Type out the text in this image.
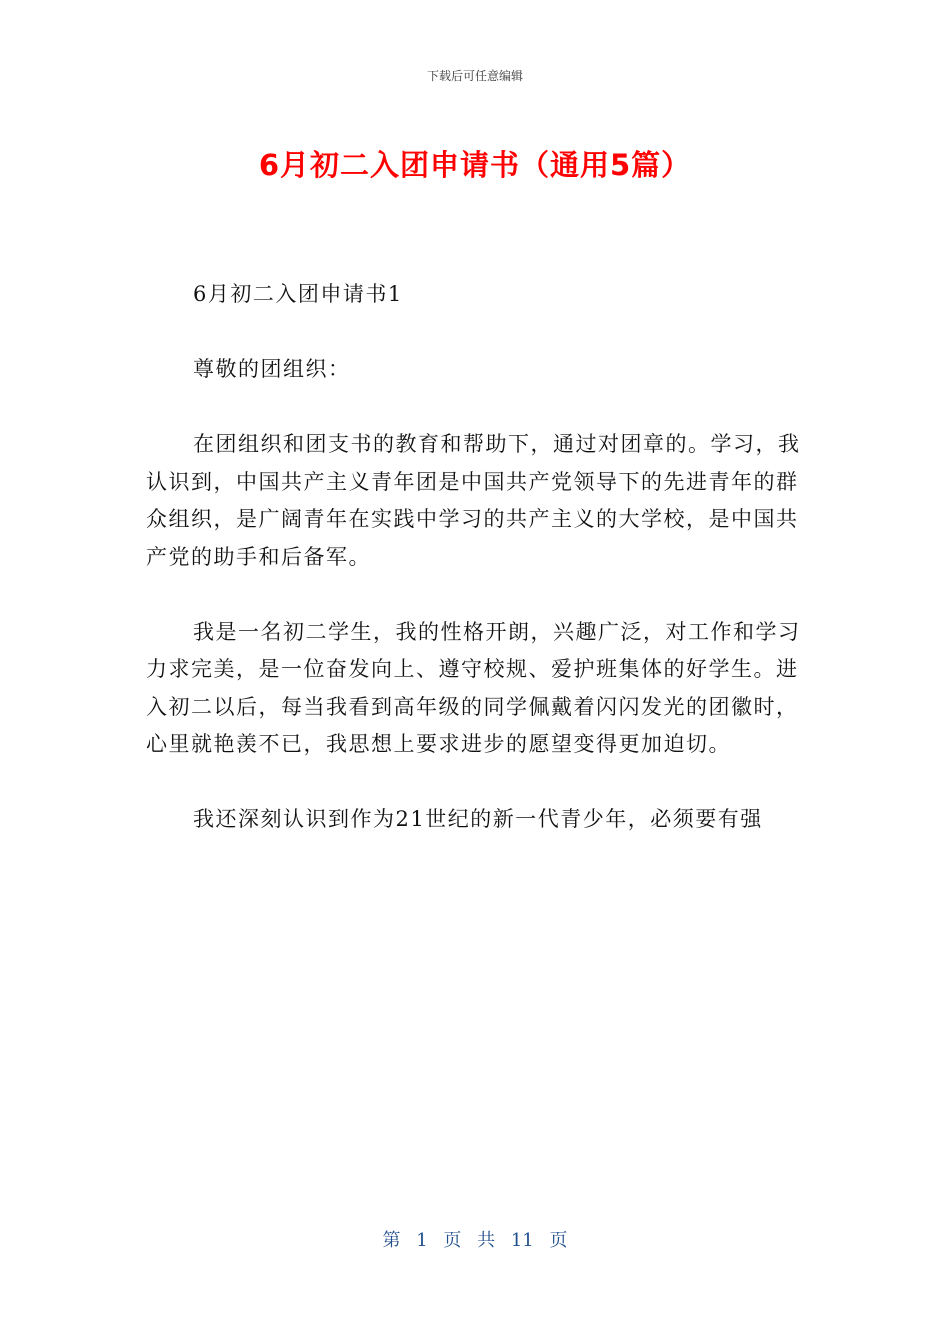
下载后可任意编辑
6月初二入团申请书（通用5篇）

6月初二入团申请书1

尊敬的团组织：

在团组织和团支书的教育和帮助下，通过对团章的。学习，我认识到，中国共产主义青年团是中国共产党领导下的先进青年的群众组织，是广阔青年在实践中学习的共产主义的大学校，是中国共产党的助手和后备军。

我是一名初二学生，我的性格开朗，兴趣广泛，对工作和学习力求完美，是一位奋发向上、遵守校规、爱护班集体的好学生。进入初二以后，每当我看到高年级的同学佩戴着闪闪发光的团徽时，心里就艳羡不已，我思想上要求进步的愿望变得更加迫切。

我还深刻认识到作为21世纪的新一代青少年，必须要有强

第 1 页 共 11 页
